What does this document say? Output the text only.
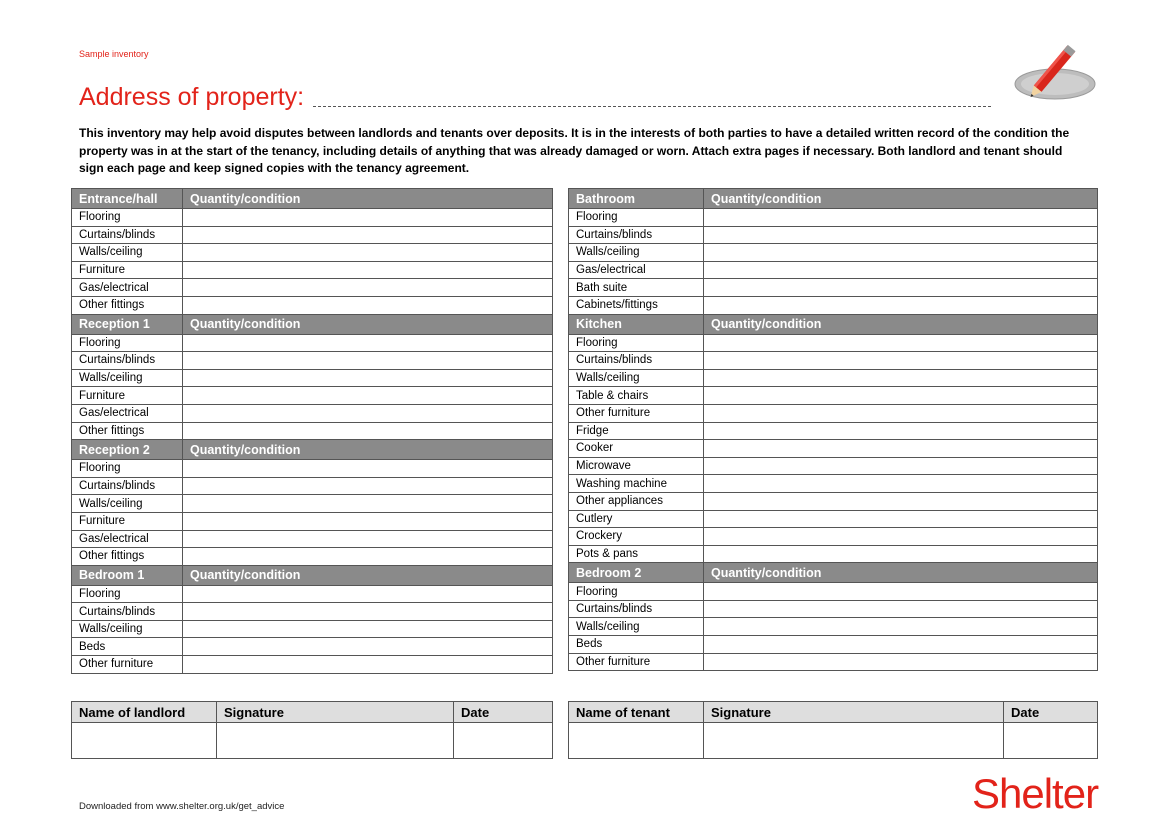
Sample inventory
Address of property:
This inventory may help avoid disputes between landlords and tenants over deposits. It is in the interests of both parties to have a detailed written record of the condition the property was in at the start of the tenancy, including details of anything that was already damaged or worn. Attach extra pages if necessary. Both landlord and tenant should sign each page and keep signed copies with the tenancy agreement.
Entrance/hall	Quantity/condition
Flooring	
Curtains/blinds	
Walls/ceiling	
Furniture	
Gas/electrical	
Other fittings	
Reception 1	Quantity/condition
Flooring	
Curtains/blinds	
Walls/ceiling	
Furniture	
Gas/electrical	
Other fittings	
Reception 2	Quantity/condition
Flooring	
Curtains/blinds	
Walls/ceiling	
Furniture	
Gas/electrical	
Other fittings	
Bedroom 1	Quantity/condition
Flooring	
Curtains/blinds	
Walls/ceiling	
Beds	
Other furniture	
Bathroom	Quantity/condition
Flooring	
Curtains/blinds	
Walls/ceiling	
Gas/electrical	
Bath suite	
Cabinets/fittings	
Kitchen	Quantity/condition
Flooring	
Curtains/blinds	
Walls/ceiling	
Table & chairs	
Other furniture	
Fridge	
Cooker	
Microwave	
Washing machine	
Other appliances	
Cutlery	
Crockery	
Pots & pans	
Bedroom 2	Quantity/condition
Flooring	
Curtains/blinds	
Walls/ceiling	
Beds	
Other furniture	
Name of landlord	Signature	Date
			Name of tenant	Signature	Date

Downloaded from www.shelter.org.uk/get_advice	Shelter
